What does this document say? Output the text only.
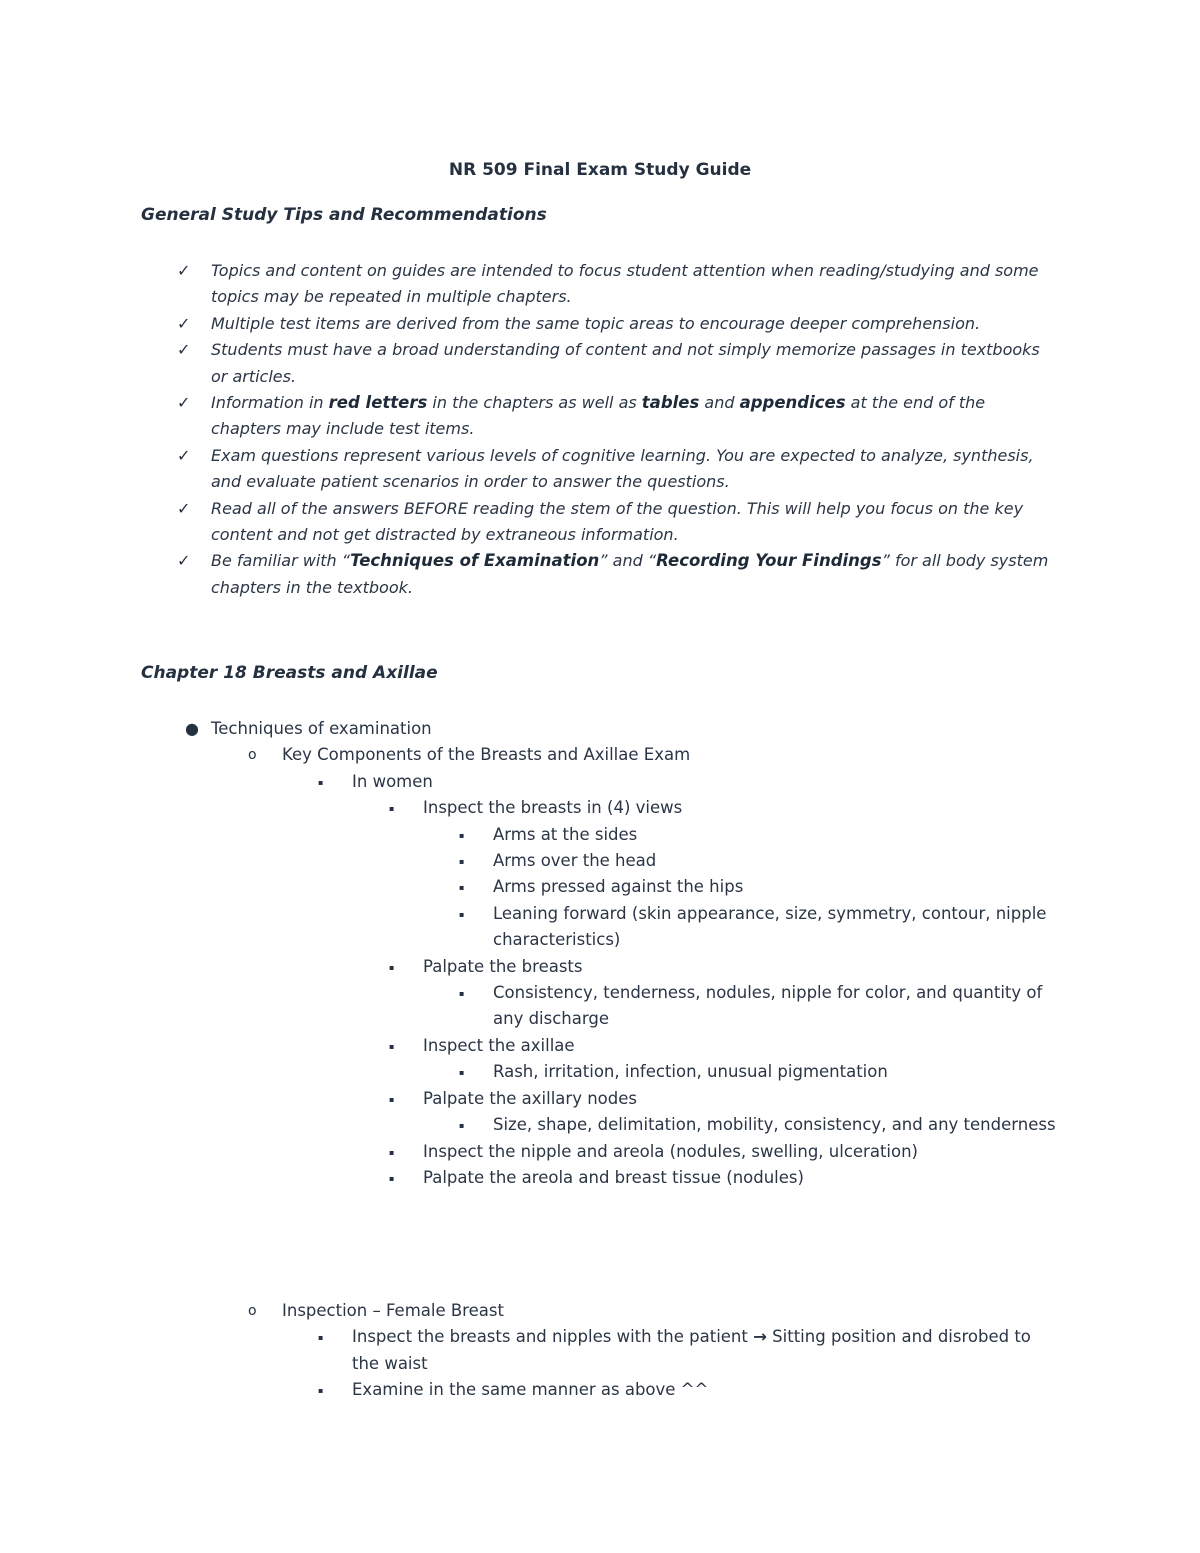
NR 509 Final Exam Study Guide
General Study Tips and Recommendations
✓ Topics and content on guides are intended to focus student attention when reading/studying and some topics may be repeated in multiple chapters.
✓ Multiple test items are derived from the same topic areas to encourage deeper comprehension.
✓ Students must have a broad understanding of content and not simply memorize passages in textbooks or articles.
✓ Information in red letters in the chapters as well as tables and appendices at the end of the chapters may include test items.
✓ Exam questions represent various levels of cognitive learning. You are expected to analyze, synthesis, and evaluate patient scenarios in order to answer the questions.
✓ Read all of the answers BEFORE reading the stem of the question. This will help you focus on the key content and not get distracted by extraneous information.
✓ Be familiar with “Techniques of Examination” and “Recording Your Findings” for all body system chapters in the textbook.
Chapter 18 Breasts and Axillae
● Techniques of examination
o Key Components of the Breasts and Axillae Exam
▪ In women
▪ Inspect the breasts in (4) views
▪ Arms at the sides
▪ Arms over the head
▪ Arms pressed against the hips
▪ Leaning forward (skin appearance, size, symmetry, contour, nipple characteristics)
▪ Palpate the breasts
▪ Consistency, tenderness, nodules, nipple for color, and quantity of any discharge
▪ Inspect the axillae
▪ Rash, irritation, infection, unusual pigmentation
▪ Palpate the axillary nodes
▪ Size, shape, delimitation, mobility, consistency, and any tenderness
▪ Inspect the nipple and areola (nodules, swelling, ulceration)
▪ Palpate the areola and breast tissue (nodules)
o Inspection – Female Breast
▪ Inspect the breasts and nipples with the patient → Sitting position and disrobed to the waist
▪ Examine in the same manner as above ^^
